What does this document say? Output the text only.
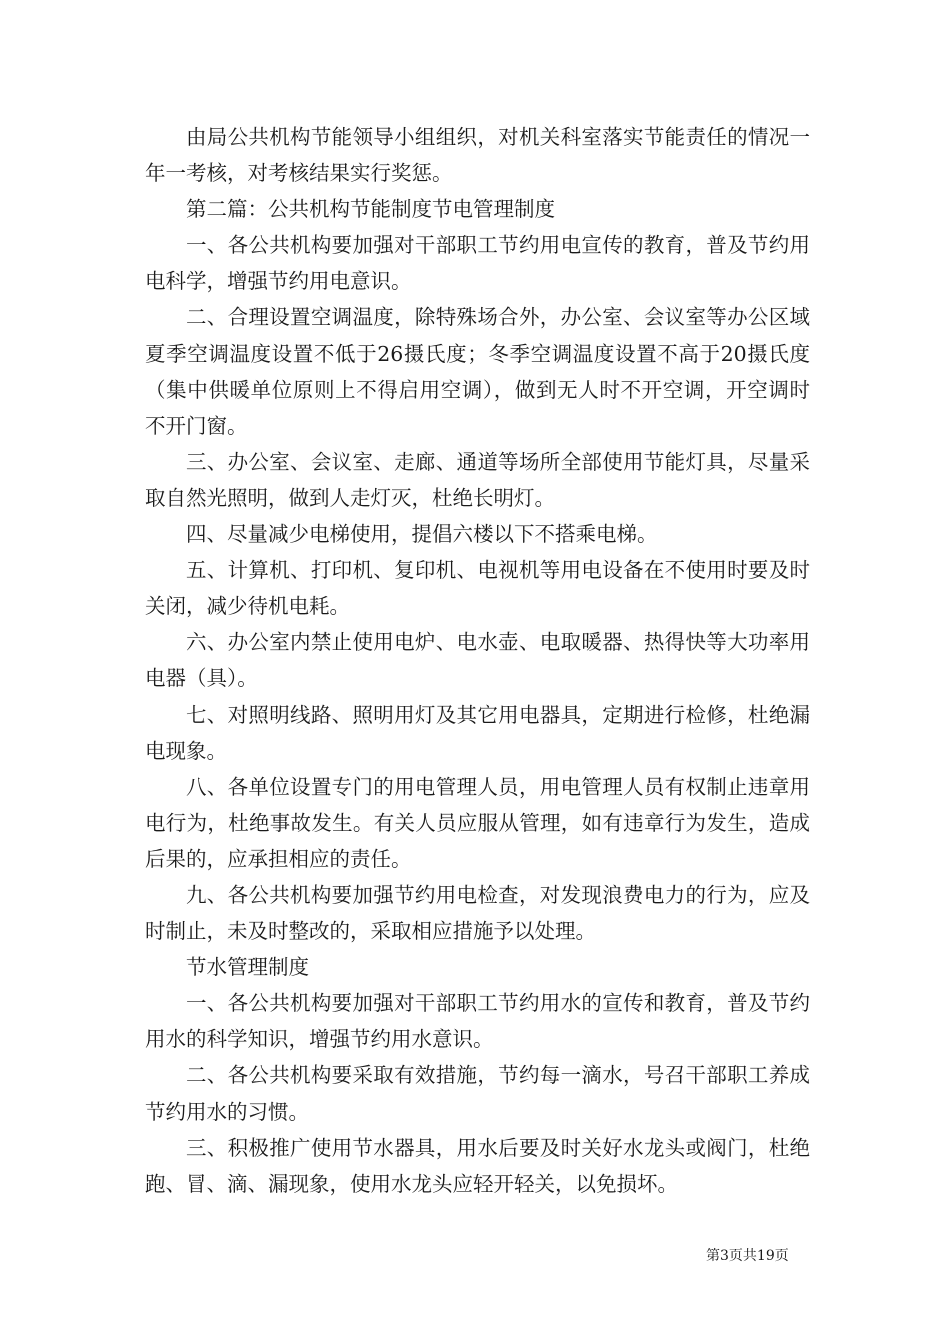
由局公共机构节能领导小组组织，对机关科室落实节能责任的情况一年一考核，对考核结果实行奖惩。

第二篇：公共机构节能制度节电管理制度

一、各公共机构要加强对干部职工节约用电宣传的教育，普及节约用电科学，增强节约用电意识。

二、合理设置空调温度，除特殊场合外，办公室、会议室等办公区域夏季空调温度设置不低于26摄氏度；冬季空调温度设置不高于20摄氏度（集中供暖单位原则上不得启用空调），做到无人时不开空调，开空调时不开门窗。

三、办公室、会议室、走廊、通道等场所全部使用节能灯具，尽量采取自然光照明，做到人走灯灭，杜绝长明灯。

四、尽量减少电梯使用，提倡六楼以下不搭乘电梯。

五、计算机、打印机、复印机、电视机等用电设备在不使用时要及时关闭，减少待机电耗。

六、办公室内禁止使用电炉、电水壶、电取暖器、热得快等大功率用电器（具）。

七、对照明线路、照明用灯及其它用电器具，定期进行检修，杜绝漏电现象。

八、各单位设置专门的用电管理人员，用电管理人员有权制止违章用电行为，杜绝事故发生。有关人员应服从管理，如有违章行为发生，造成后果的，应承担相应的责任。

九、各公共机构要加强节约用电检查，对发现浪费电力的行为，应及时制止，未及时整改的，采取相应措施予以处理。

节水管理制度

一、各公共机构要加强对干部职工节约用水的宣传和教育，普及节约用水的科学知识，增强节约用水意识。

二、各公共机构要采取有效措施，节约每一滴水，号召干部职工养成节约用水的习惯。

三、积极推广使用节水器具，用水后要及时关好水龙头或阀门，杜绝跑、冒、滴、漏现象，使用水龙头应轻开轻关，以免损坏。

第3页共19页
